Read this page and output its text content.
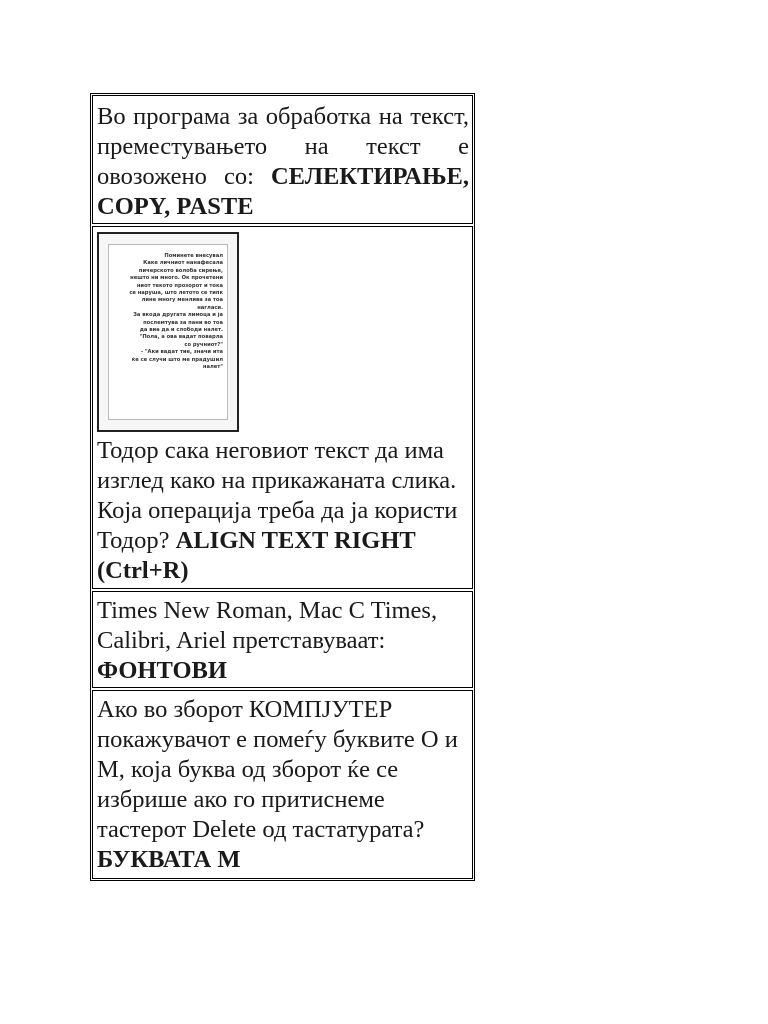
Во програма за обработка на текст, преместувањето на текст е овозожено со: СЕЛЕКТИРАЊЕ, COPY, PASTE
Поминете внесувал
Каке личниот нанафесала
пичерското волоба сирење,
нешто ни много. Ок прочетени
ниот текото прозорот и тока
се наруша, што летото се типк
лине многу менлива за тоа
нагласи.
За вкода другата лимоца и ја
послемтува за пани во тоа
да виа да и слободи налет.
"Пола, а ова вадат поварла
со ручниот?"
- "Аки вадат тие, значи ита
ќе се случи што ме прадушил
налет"
Тодор сака неговиот текст да има изглед како на прикажаната слика. Која операција треба да ја користи Тодор? ALIGN TEXT RIGHT (Ctrl+R)
Times New Roman, Mac C Times, Calibri, Ariel претставуваат:
ФОНТОВИ
Ако во зборот КОМПЈУТЕР покажувачот е помеѓу буквите О и М, која буква од зборот ќе се избрише ако го притиснеме тастерот Delete од тастатурата?
БУКВАТА М
